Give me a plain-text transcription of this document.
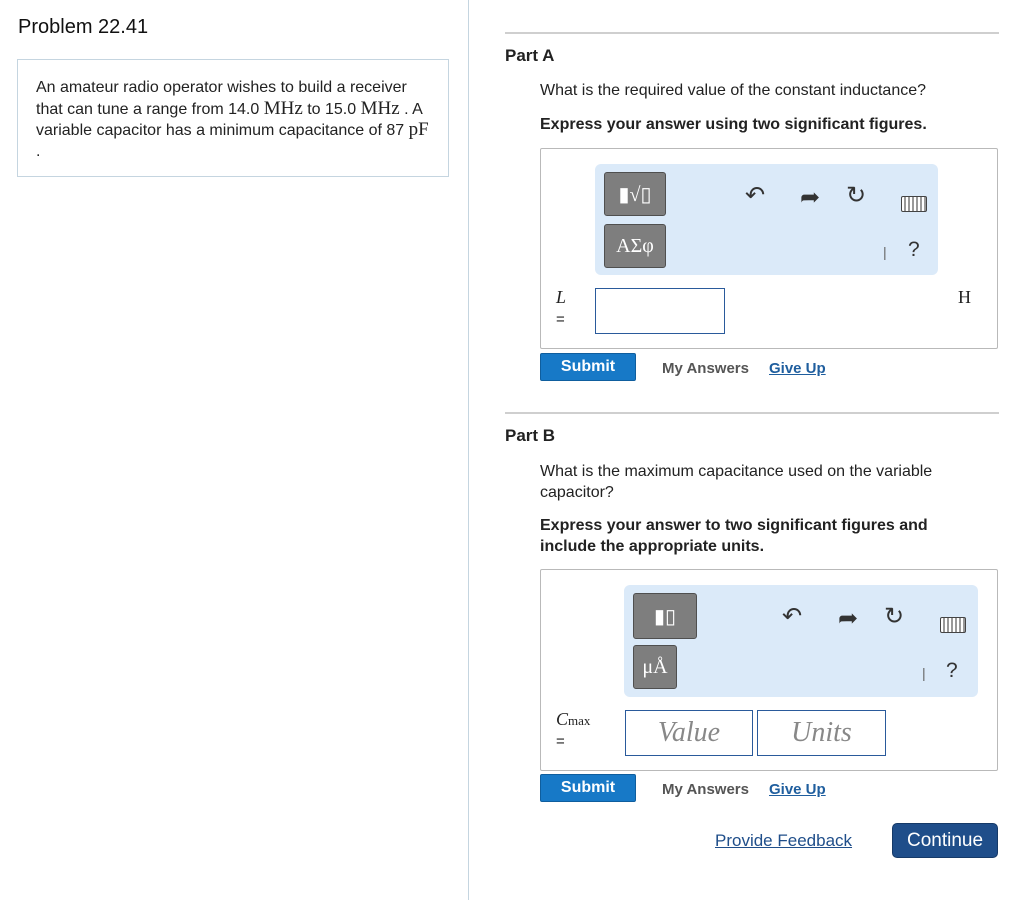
Problem 22.41
An amateur radio operator wishes to build a receiver that can tune a range from 14.0 MHz to 15.0 MHz . A variable capacitor has a minimum capacitance of 87 pF .
Part A
What is the required value of the constant inductance?
Express your answer using two significant figures.
▮√▯
ΑΣφ
↶ ➦ ↻
| ?
L
=
H
Submit	My Answers Give Up
Part B
What is the maximum capacitance used on the variable capacitor?
Express your answer to two significant figures and include the appropriate units.
▮▯
μÅ
↶ ➦ ↻
| ?
Cmax
=	Value	Units
Submit	My Answers Give Up
Provide Feedback	Continue
